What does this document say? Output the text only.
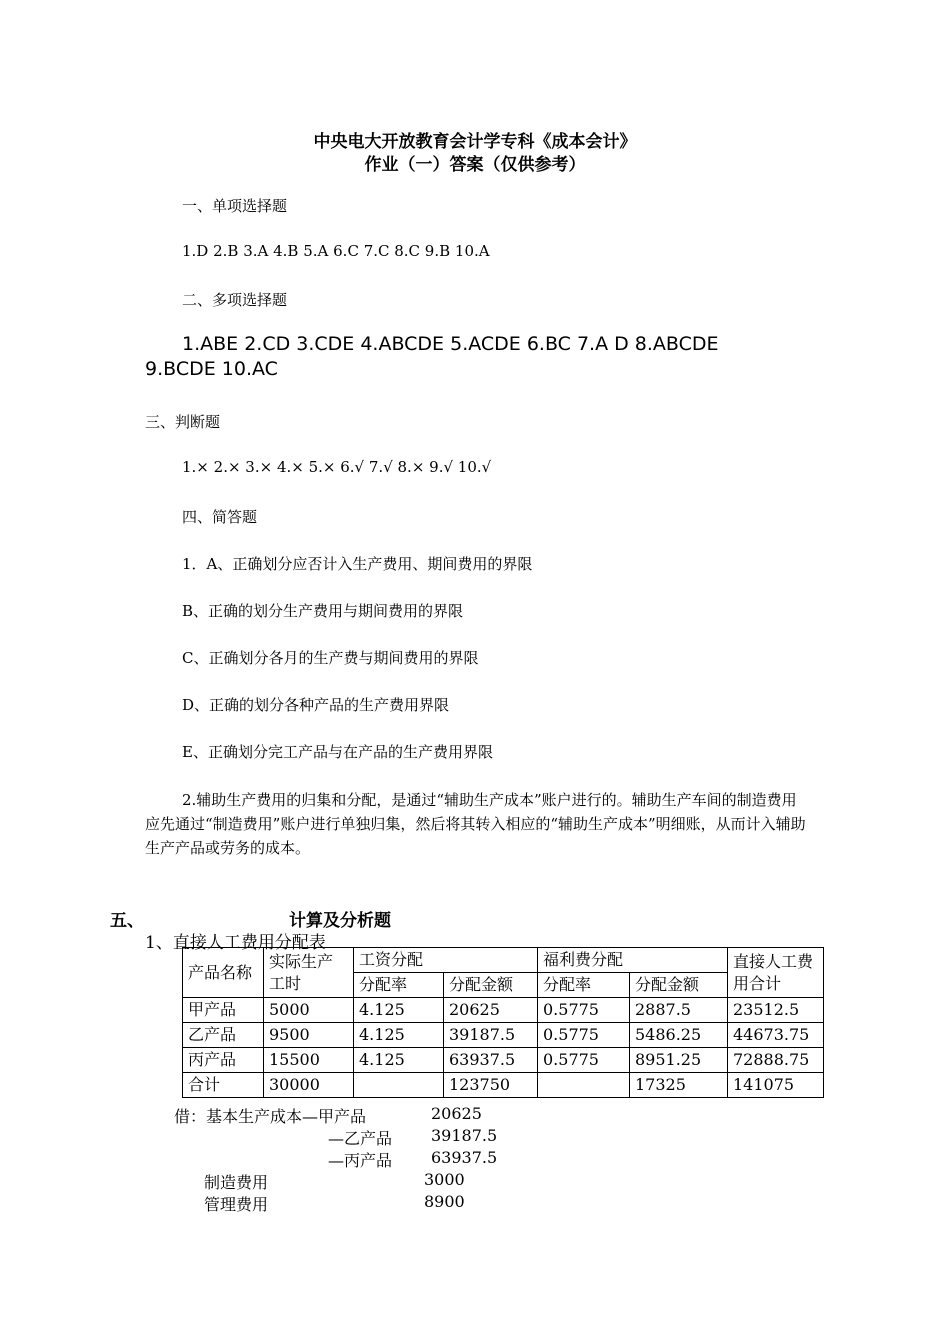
中央电大开放教育会计学专科《成本会计》
作业（一）答案（仅供参考）
一、单项选择题
1.D 2.B 3.A 4.B 5.A 6.C 7.C 8.C 9.B 10.A
二、多项选择题
1.ABE 2.CD 3.CDE 4.ABCDE 5.ACDE 6.BC 7.A D 8.ABCDE
9.BCDE 10.AC
三、判断题
1.× 2.× 3.× 4.× 5.× 6.√ 7.√ 8.× 9.√ 10.√
四、简答题
1．A、正确划分应否计入生产费用、期间费用的界限
B、正确的划分生产费用与期间费用的界限
C、正确划分各月的生产费与期间费用的界限
D、正确的划分各种产品的生产费用界限
E、正确划分完工产品与在产品的生产费用界限
2.辅助生产费用的归集和分配，是通过“辅助生产成本”账户进行的。辅助生产车间的制造费用应先通过“制造费用”账户进行单独归集，然后将其转入相应的“辅助生产成本”明细账，从而计入辅助生产产品或劳务的成本。
五、	计算及分析题
1、直接人工费用分配表
产品名称	实际生产工时	工资分配		福利费分配		直接人工费用合计
		分配率	分配金额	分配率	分配金额	
甲产品	5000	4.125	20625	0.5775	2887.5	23512.5
乙产品	9500	4.125	39187.5	0.5775	5486.25	44673.75
丙产品	15500	4.125	63937.5	0.5775	8951.25	72888.75
合计	30000		123750		17325	141075
借：基本生产成本—甲产品	20625
—乙产品 39187.5
—丙产品 63937.5
制造费用	3000
管理费用	8900
